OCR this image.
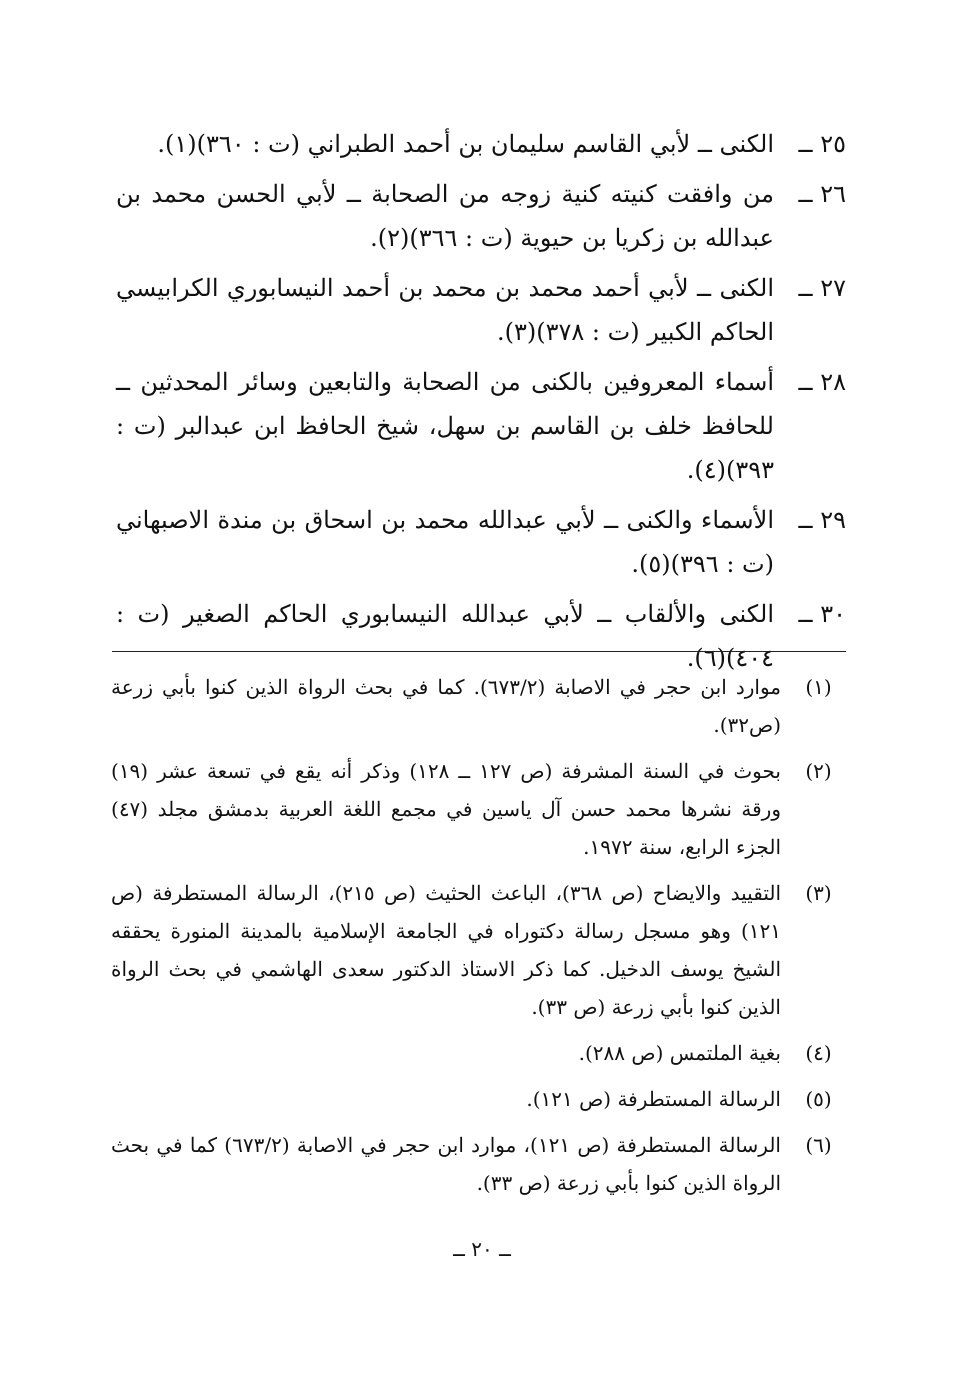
٢٥ ــ
الكنى ــ لأبي القاسم سليمان بن أحمد الطبراني (ت : ٣٦٠)(١).
٢٦ ــ
من وافقت كنيته كنية زوجه من الصحابة ــ لأبي الحسن محمد بن عبدالله بن زكريا بن حيوية (ت : ٣٦٦)(٢).
٢٧ ــ
الكنى ــ لأبي أحمد محمد بن محمد بن أحمد النيسابوري الكرابيسي الحاكم الكبير (ت : ٣٧٨)(٣).
٢٨ ــ
أسماء المعروفين بالكنى من الصحابة والتابعين وسائر المحدثين ــ للحافظ خلف بن القاسم بن سهل، شيخ الحافظ ابن عبدالبر (ت : ٣٩٣)(٤).
٢٩ ــ
الأسماء والكنى ــ لأبي عبدالله محمد بن اسحاق بن مندة الاصبهاني (ت : ٣٩٦)(٥).
٣٠ ــ
الكنى والألقاب ــ لأبي عبدالله النيسابوري الحاكم الصغير (ت : ٤٠٤)(٦).
(١)
موارد ابن حجر في الاصابة (٦٧٣/٢). كما في بحث الرواة الذين كنوا بأبي زرعة (ص٣٢).
(٢)
بحوث في السنة المشرفة (ص ١٢٧ ــ ١٢٨) وذكر أنه يقع في تسعة عشر (١٩) ورقة نشرها محمد حسن آل ياسين في مجمع اللغة العربية بدمشق مجلد (٤٧) الجزء الرابع، سنة ١٩٧٢.
(٣)
التقييد والايضاح (ص ٣٦٨)، الباعث الحثيث (ص ٢١٥)، الرسالة المستطرفة (ص ١٢١) وهو مسجل رسالة دكتوراه في الجامعة الإسلامية بالمدينة المنورة يحققه الشيخ يوسف الدخيل. كما ذكر الاستاذ الدكتور سعدى الهاشمي في بحث الرواة الذين كنوا بأبي زرعة (ص ٣٣).
(٤)
بغية الملتمس (ص ٢٨٨).
(٥)
الرسالة المستطرفة (ص ١٢١).
(٦)
الرسالة المستطرفة (ص ١٢١)، موارد ابن حجر في الاصابة (٦٧٣/٢) كما في بحث الرواة الذين كنوا بأبي زرعة (ص ٣٣).
ــ ٢٠ ــ
